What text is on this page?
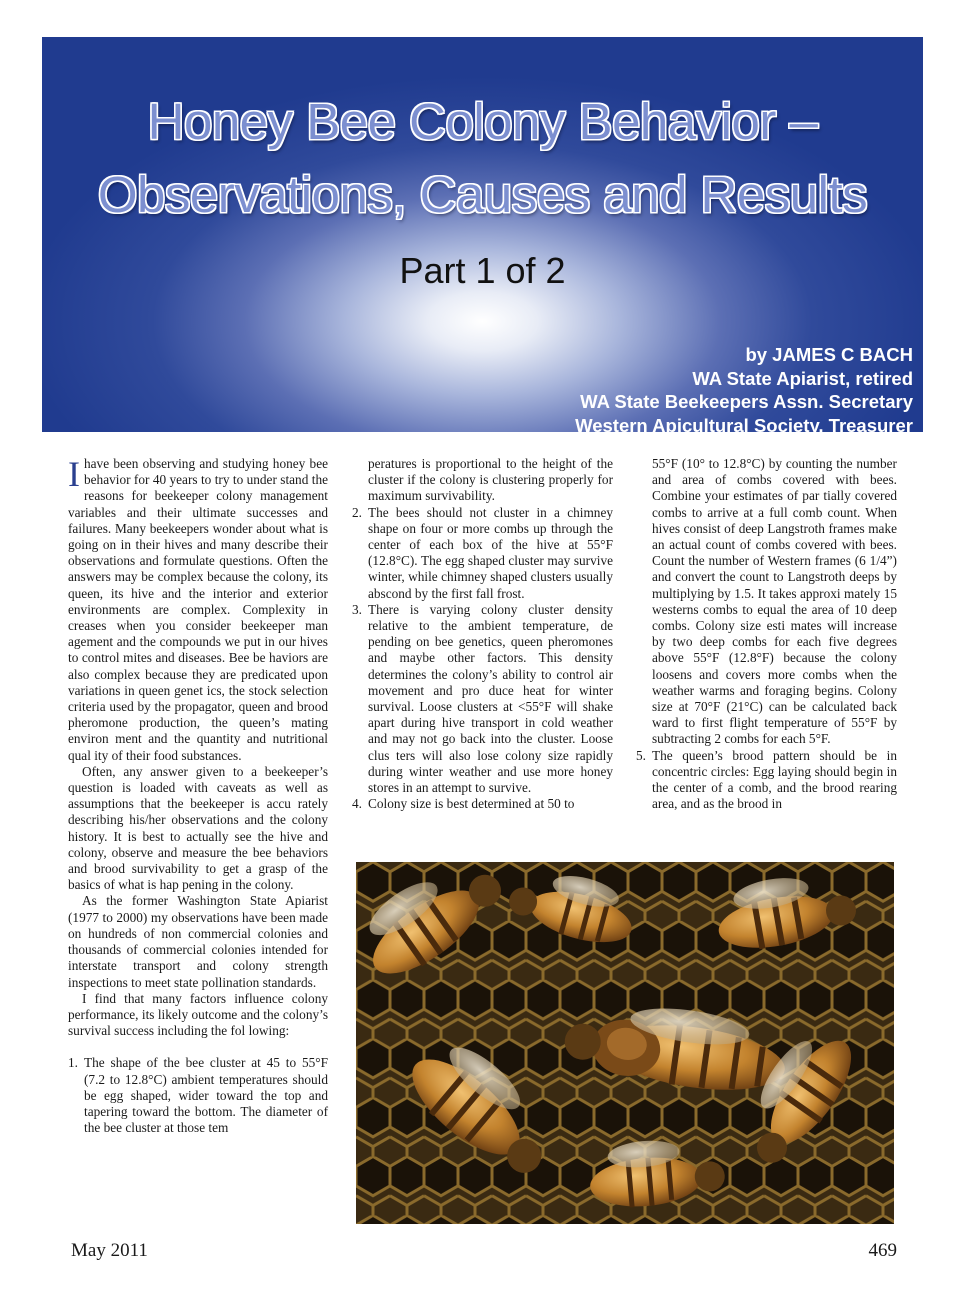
Honey Bee Colony Behavior –
Observations, Causes and Results
Part 1 of 2
by JAMES C BACH
WA State Apiarist, retired
WA State Beekeepers Assn. Secretary
Western Apicultural Society, Treasurer
jcbach@fairpoint.net

Ihave been observing and studying honey bee behavior for 40 years to try to under stand the reasons for beekeeper colony management variables and their ultimate successes and failures. Many beekeepers wonder about what is going on in their hives and many describe their observations and formulate questions. Often the answers may be complex because the colony, its queen, its hive and the interior and exterior environments are complex. Complexity in creases when you consider beekeeper man agement and the compounds we put in our hives to control mites and diseases. Bee be haviors are also complex because they are predicated upon variations in queen genet ics, the stock selection criteria used by the propagator, queen and brood pheromone production, the queen’s mating environ ment and the quantity and nutritional qual ity of their food substances.

Often, any answer given to a beekeeper’s question is loaded with caveats as well as assumptions that the beekeeper is accu rately describing his/her observations and the colony history. It is best to actually see the hive and colony, observe and measure the bee behaviors and brood survivability to get a grasp of the basics of what is hap pening in the colony.

As the former Washington State Apiarist (1977 to 2000) my observations have been made on hundreds of non commercial colonies and thousands of commercial colonies intended for interstate transport and colony strength inspections to meet state pollination standards.

I find that many factors influence colony performance, its likely outcome and the colony’s survival success including the fol lowing:

1. The shape of the bee cluster at 45 to 55°F (7.2 to 12.8°C) ambient temperatures should be egg shaped, wider toward the top and tapering toward the bottom. The diameter of the bee cluster at those tem

peratures is proportional to the height of the cluster if the colony is clustering properly for maximum survivability.

2. The bees should not cluster in a chimney shape on four or more combs up through the center of each box of the hive at 55°F (12.8°C). The egg shaped cluster may survive winter, while chimney shaped clusters usually abscond by the first fall frost.

3. There is varying colony cluster density relative to the ambient temperature, de pending on bee genetics, queen pheromones and maybe other factors. This density determines the colony’s ability to control air movement and pro duce heat for winter survival. Loose clusters at <55°F will shake apart during hive transport in cold weather and may not go back into the cluster. Loose clus ters will also lose colony size rapidly during winter weather and use more honey stores in an attempt to survive.

4. Colony size is best determined at 50 to

55°F (10° to 12.8°C) by counting the number and area of combs covered with bees. Combine your estimates of par tially covered combs to arrive at a full comb count. When hives consist of deep Langstroth frames make an actual count of combs covered with bees. Count the number of Western frames (6 1/4”) and convert the count to Langstroth deeps by multiplying by 1.5. It takes approxi mately 15 westerns combs to equal the area of 10 deep combs. Colony size esti mates will increase by two deep combs for each five degrees above 55°F (12.8°F) because the colony loosens and covers more combs when the weather warms and foraging begins. Colony size at 70°F (21°C) can be calculated back ward to first flight temperature of 55°F by subtracting 2 combs for each 5°F.

5. The queen’s brood pattern should be in concentric circles: Egg laying should begin in the center of a comb, and the brood rearing area, and as the brood in

May 2011	469
